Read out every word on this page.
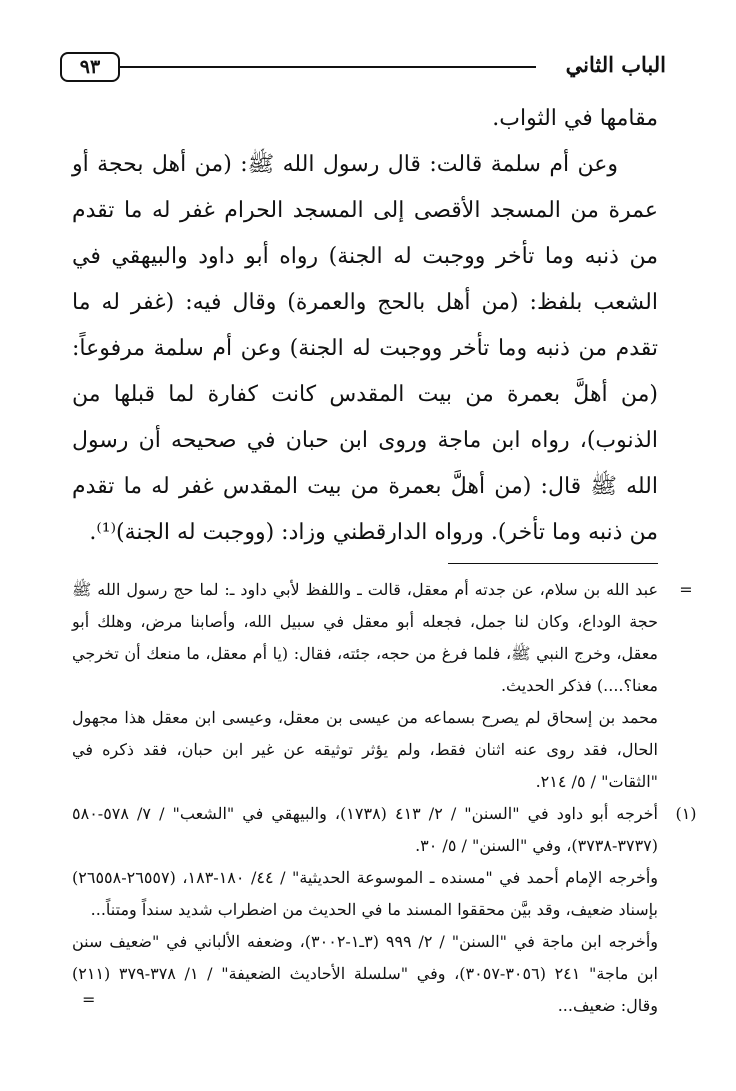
٩٣	الباب الثاني

مقامها في الثواب.

وعن أم سلمة قالت: قال رسول الله ﷺ: (من أهل بحجة أو عمرة من المسجد الأقصى إلى المسجد الحرام غفر له ما تقدم من ذنبه وما تأخر ووجبت له الجنة) رواه أبو داود والبيهقي في الشعب بلفظ: (من أهل بالحج والعمرة) وقال فيه: (غفر له ما تقدم من ذنبه وما تأخر ووجبت له الجنة) وعن أم سلمة مرفوعاً: (من أهلَّ بعمرة من بيت المقدس كانت كفارة لما قبلها من الذنوب)، رواه ابن ماجة وروى ابن حبان في صحيحه أن رسول الله ﷺ قال: (من أهلَّ بعمرة من بيت المقدس غفر له ما تقدم من ذنبه وما تأخر). ورواه الدارقطني وزاد: (ووجبت له الجنة)⁽¹⁾.

=

عبد الله بن سلام، عن جدته أم معقل، قالت ـ واللفظ لأبي داود ـ: لما حج رسول الله ﷺ حجة الوداع، وكان لنا جمل، فجعله أبو معقل في سبيل الله، وأصابنا مرض، وهلك أبو معقل، وخرج النبي ﷺ، فلما فرغ من حجه، جئته، فقال: (يا أم معقل، ما منعك أن تخرجي معنا؟....) فذكر الحديث.

محمد بن إسحاق لم يصرح بسماعه من عيسى بن معقل، وعيسى ابن معقل هذا مجهول الحال، فقد روى عنه اثنان فقط، ولم يؤثر توثيقه عن غير ابن حبان، فقد ذكره في "الثقات" / ٥/ ٢١٤.

(١)

أخرجه أبو داود في "السنن" / ٢/ ٤١٣ (١٧٣٨)، والبيهقي في "الشعب" / ٧/ ٥٧٨-٥٨٠ (٣٧٣٧-٣٧٣٨)، وفي "السنن" / ٥/ ٣٠.

وأخرجه الإمام أحمد في "مسنده ـ الموسوعة الحديثية" / ٤٤/ ١٨٠-١٨٣، (٢٦٥٥٧-٢٦٥٥٨) بإسناد ضعيف، وقد بيَّن محققوا المسند ما في الحديث من اضطراب شديد سنداً ومتناً...

وأخرجه ابن ماجة في "السنن" / ٢/ ٩٩٩ (٣ـ١-٣٠٠٢)، وضعفه الألباني في "ضعيف سنن ابن ماجة" ٢٤١ (٣٠٥٦-٣٠٥٧)، وفي "سلسلة الأحاديث الضعيفة" / ١/ ٣٧٨-٣٧٩ (٢١١) وقال: ضعيف...

=
